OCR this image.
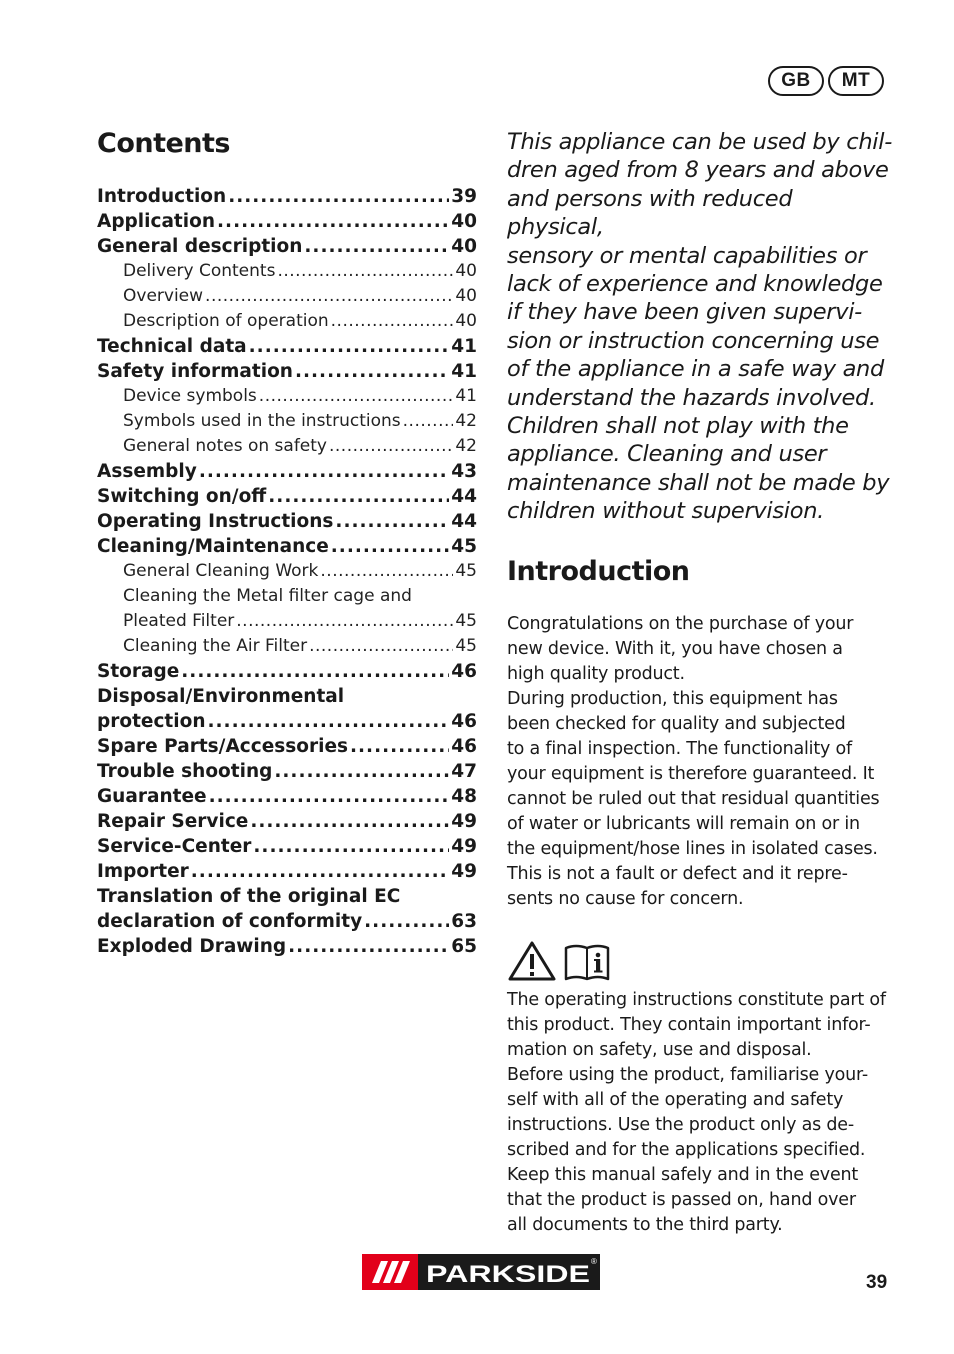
GB	MT
Contents
Introduction .....	39
Application .....	40
General description .....	40
Delivery Contents .....	40
Overview .....	40
Description of operation .....	40
Technical data .....	41
Safety information .....	41
Device symbols .....	41
Symbols used in the instructions .....	42
General notes on safety .....	42
Assembly .....	43
Switching on/off .....	44
Operating Instructions .....	44
Cleaning/Maintenance .....	45
General Cleaning Work .....	45
Cleaning the Metal filter cage and
Pleated Filter .....	45
Cleaning the Air Filter .....	45
Storage .....	46
Disposal/Environmental
protection .....	46
Spare Parts/Accessories .....	46
Trouble shooting .....	47
Guarantee .....	48
Repair Service .....	49
Service-Center .....	49
Importer .....	49
Translation of the original EC
declaration of conformity .....	63
Exploded Drawing .....	65

This appliance can be used by chil-
dren aged from 8 years and above
and persons with reduced physical,
sensory or mental capabilities or
lack of experience and knowledge
if they have been given supervi-
sion or instruction concerning use
of the appliance in a safe way and
understand the hazards involved.
Children shall not play with the
appliance. Cleaning and user
maintenance shall not be made by
children without supervision.

Introduction

Congratulations on the purchase of your
new device. With it, you have chosen a
high quality product.
During production, this equipment has
been checked for quality and subjected
to a final inspection. The functionality of
your equipment is therefore guaranteed. It
cannot be ruled out that residual quantities
of water or lubricants will remain on or in
the equipment/hose lines in isolated cases.
This is not a fault or defect and it repre-
sents no cause for concern.

The operating instructions constitute part of
this product. They contain important infor-
mation on safety, use and disposal.
Before using the product, familiarise your-
self with all of the operating and safety
instructions. Use the product only as de-
scribed and for the applications specified.
Keep this manual safely and in the event
that the product is passed on, hand over
all documents to the third party.

PARKSIDE ®
39
